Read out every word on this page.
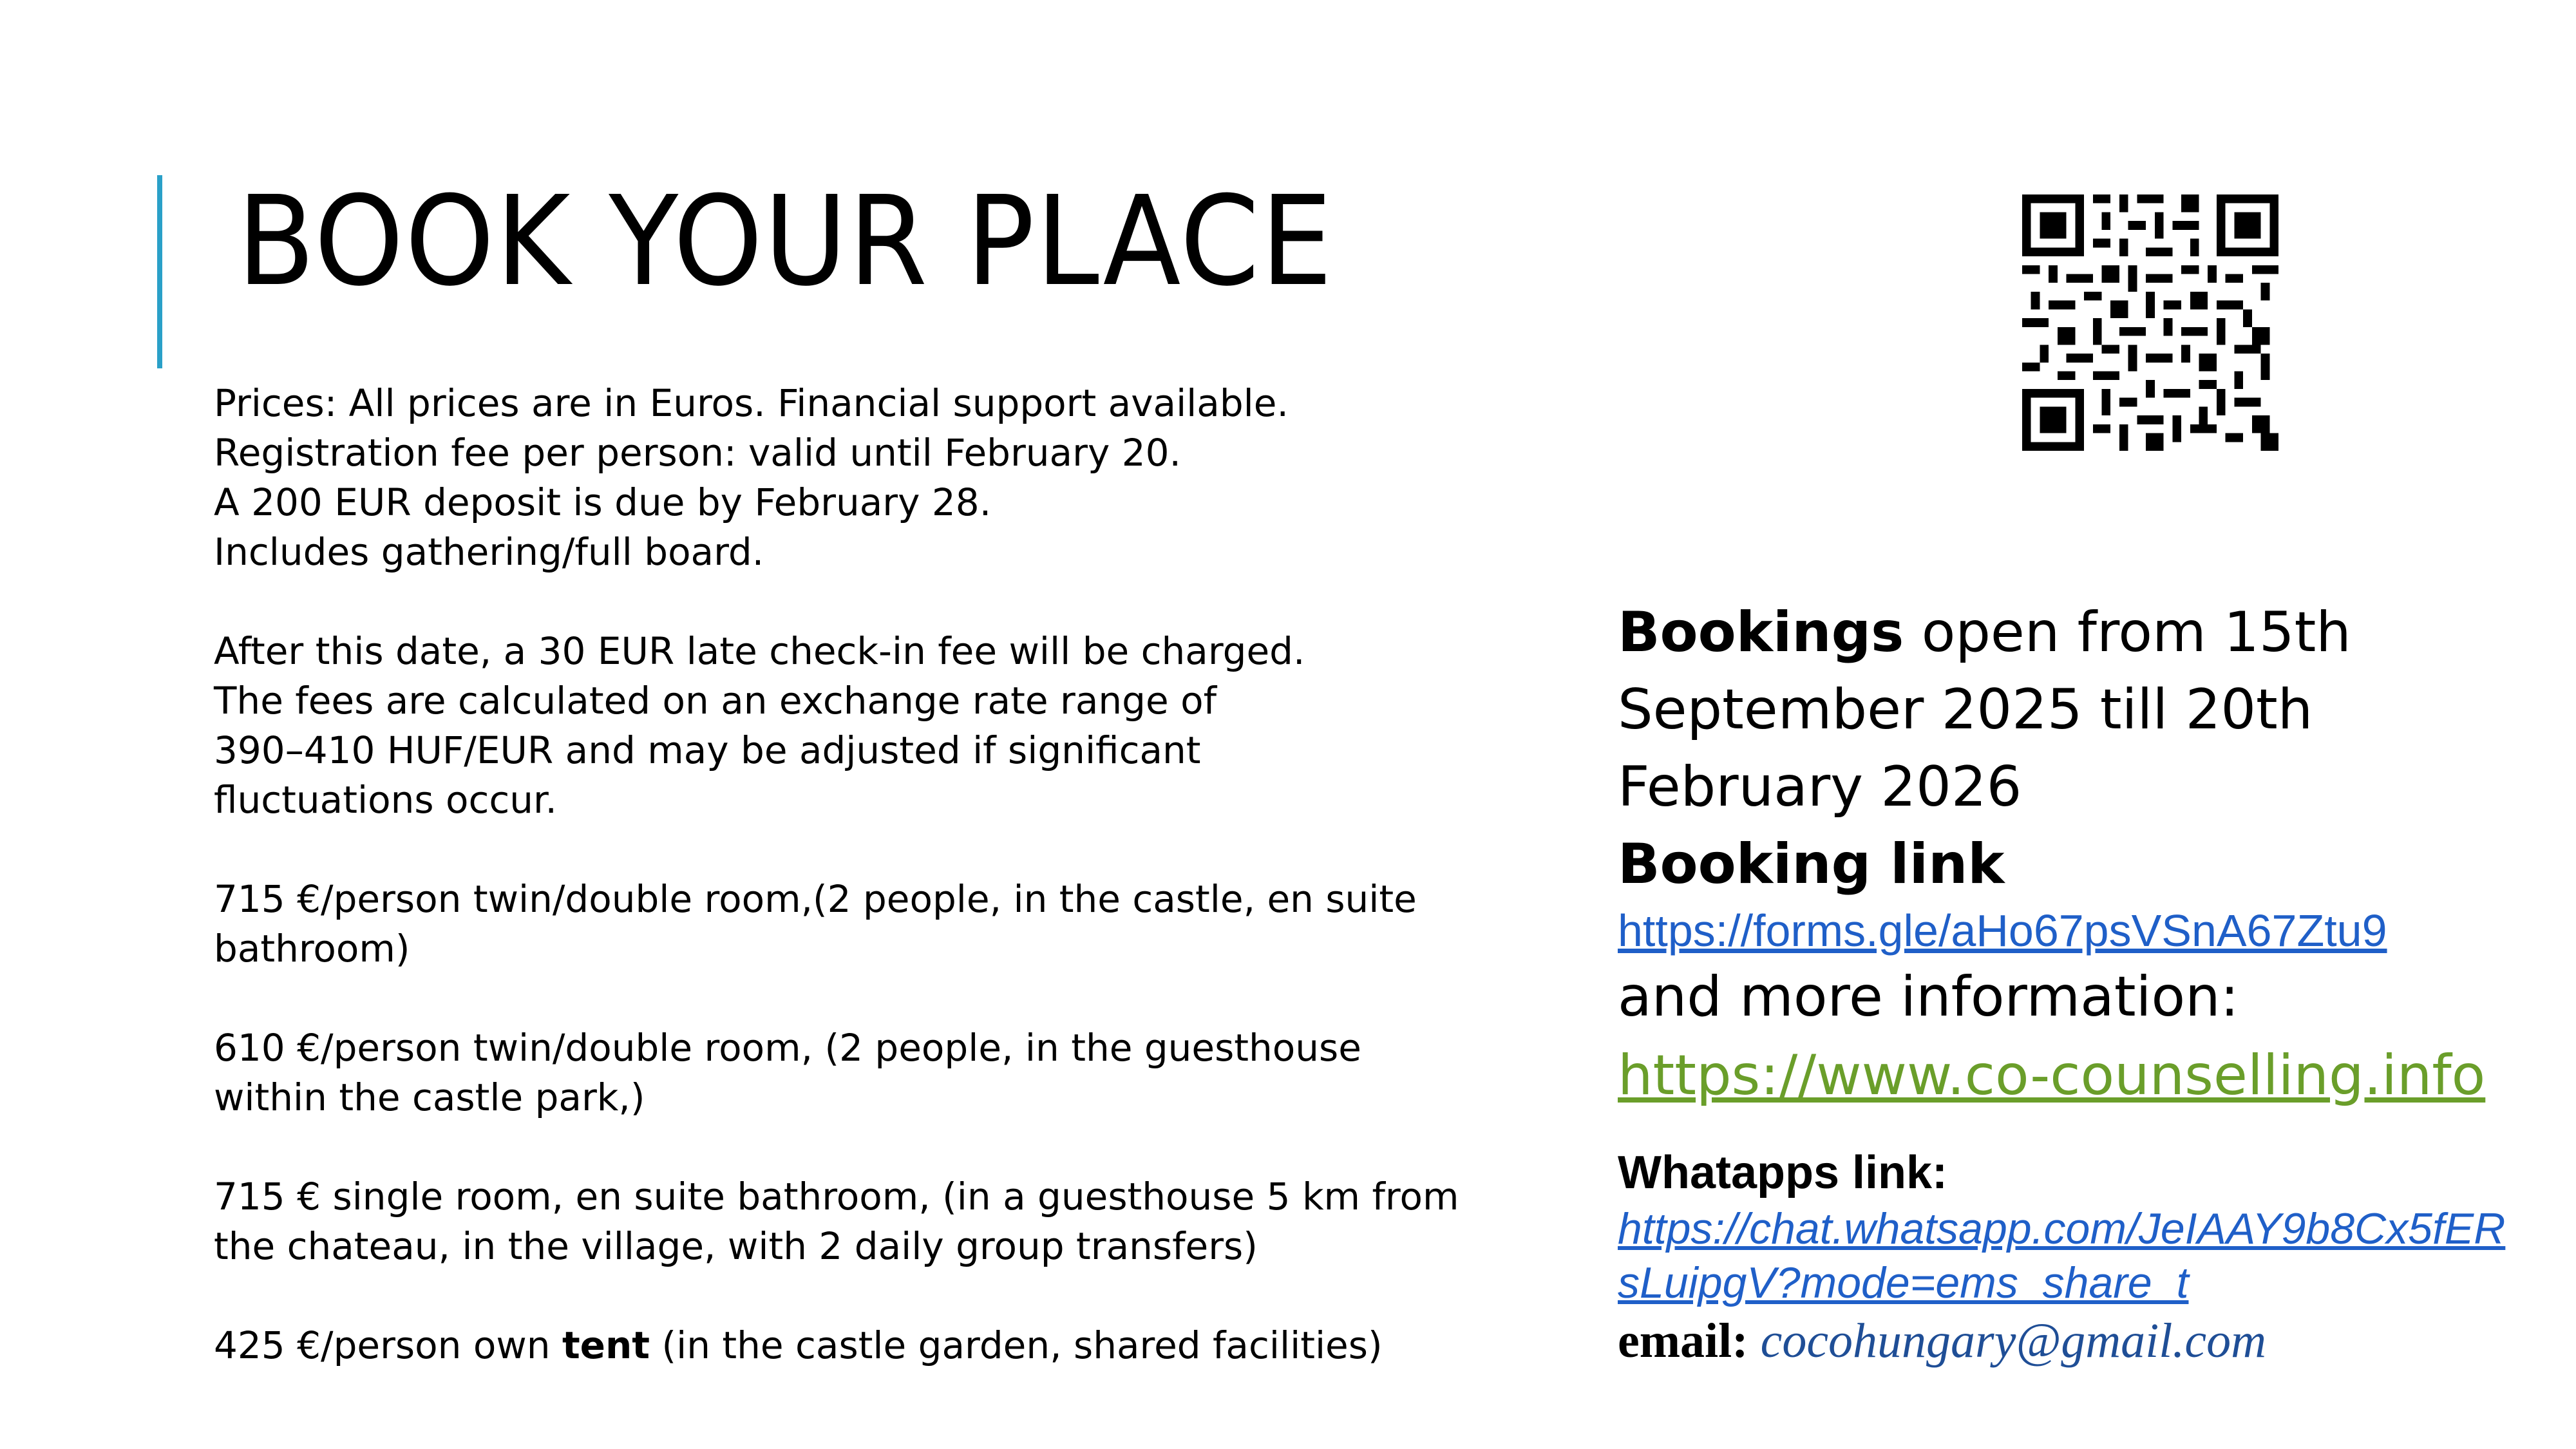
BOOK YOUR PLACE
Prices: All prices are in Euros. Financial support available.
Registration fee per person: valid until February 20.
A 200 EUR deposit is due by February 28.
Includes gathering/full board.
After this date, a 30 EUR late check-in fee will be charged.
The fees are calculated on an exchange rate range of
390–410 HUF/EUR and may be adjusted if significant
fluctuations occur.
715 €/person twin/double room,(2 people, in the castle, en suite
bathroom)
610 €/person twin/double room, (2 people, in the guesthouse
within the castle park,)
715 € single room, en suite bathroom, (in a guesthouse 5 km from
the chateau, in the village, with 2 daily group transfers)
425 €/person own tent (in the castle garden, shared facilities)
Bookings open from 15th
September 2025 till 20th
February 2026
Booking link
https://forms.gle/aHo67psVSnA67Ztu9
and more information:
https://www.co-counselling.info
Whatapps link:
https://chat.whatsapp.com/JeIAAY9b8Cx5fER
sLuipgV?mode=ems_share_t
email: cocohungary@gmail.com
